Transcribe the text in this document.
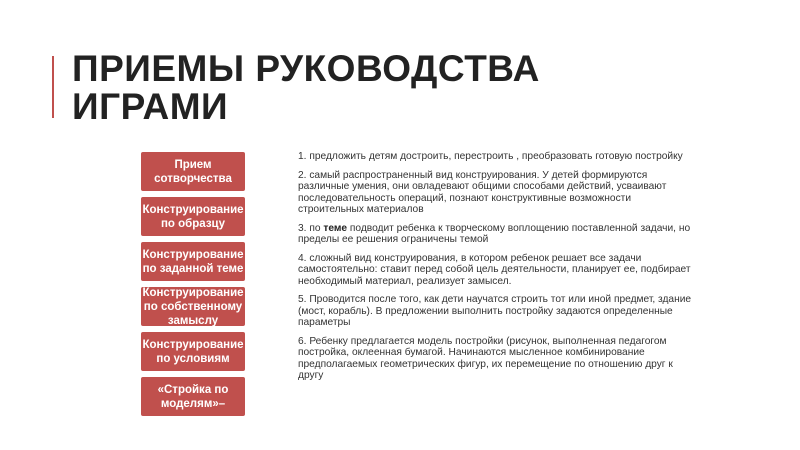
ПРИЕМЫ РУКОВОДСТВА
ИГРАМИ
Прием сотворчества
Конструирование по образцу
Конструирование по заданной теме
Конструирование по собственному замыслу
Конструирование по условиям
«Стройка по моделям»–
1. предложить детям достроить, перестроить , преобразовать готовую постройку
2. самый распространенный вид конструирования. У детей формируются различные умения, они овладевают общими способами действий, усваивают последовательность операций, познают конструктивные возможности строительных материалов
3. по теме подводит ребенка к творческому воплощению поставленной задачи, но пределы ее решения ограничены темой
4. сложный вид конструирования, в котором ребенок решает все задачи самостоятельно: ставит перед собой цель деятельности, планирует ее, подбирает необходимый материал, реализует замысел.
5. Проводится после того, как дети научатся строить тот или иной предмет, здание (мост, корабль). В предложении выполнить постройку задаются определенные параметры
6. Ребенку предлагается модель постройки (рисунок, выполненная педагогом постройка, оклеенная бумагой. Начинаются мысленное комбинирование предполагаемых геометрических фигур, их перемещение по отношению друг к другу
